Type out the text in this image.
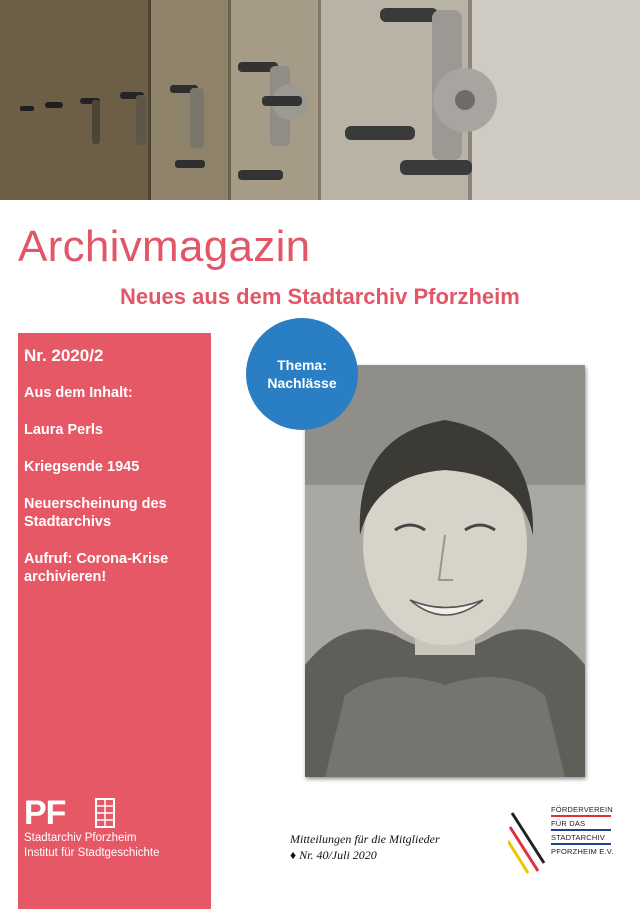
Archivmagazin
Neues aus dem Stadtarchiv Pforzheim
Nr. 2020/2
Aus dem Inhalt:
Laura Perls
Kriegsende 1945
Neuerscheinung des Stadtarchivs
Aufruf: Corona-Krise archivieren!
PF
Stadtarchiv Pforzheim
Institut für Stadtgeschichte
Thema:
Nachlässe
Mitteilungen für die Mitglieder
♦ Nr. 40/Juli 2020
FÖRDERVEREIN
FÜR DAS
STADTARCHIV
PFORZHEIM E.V.
